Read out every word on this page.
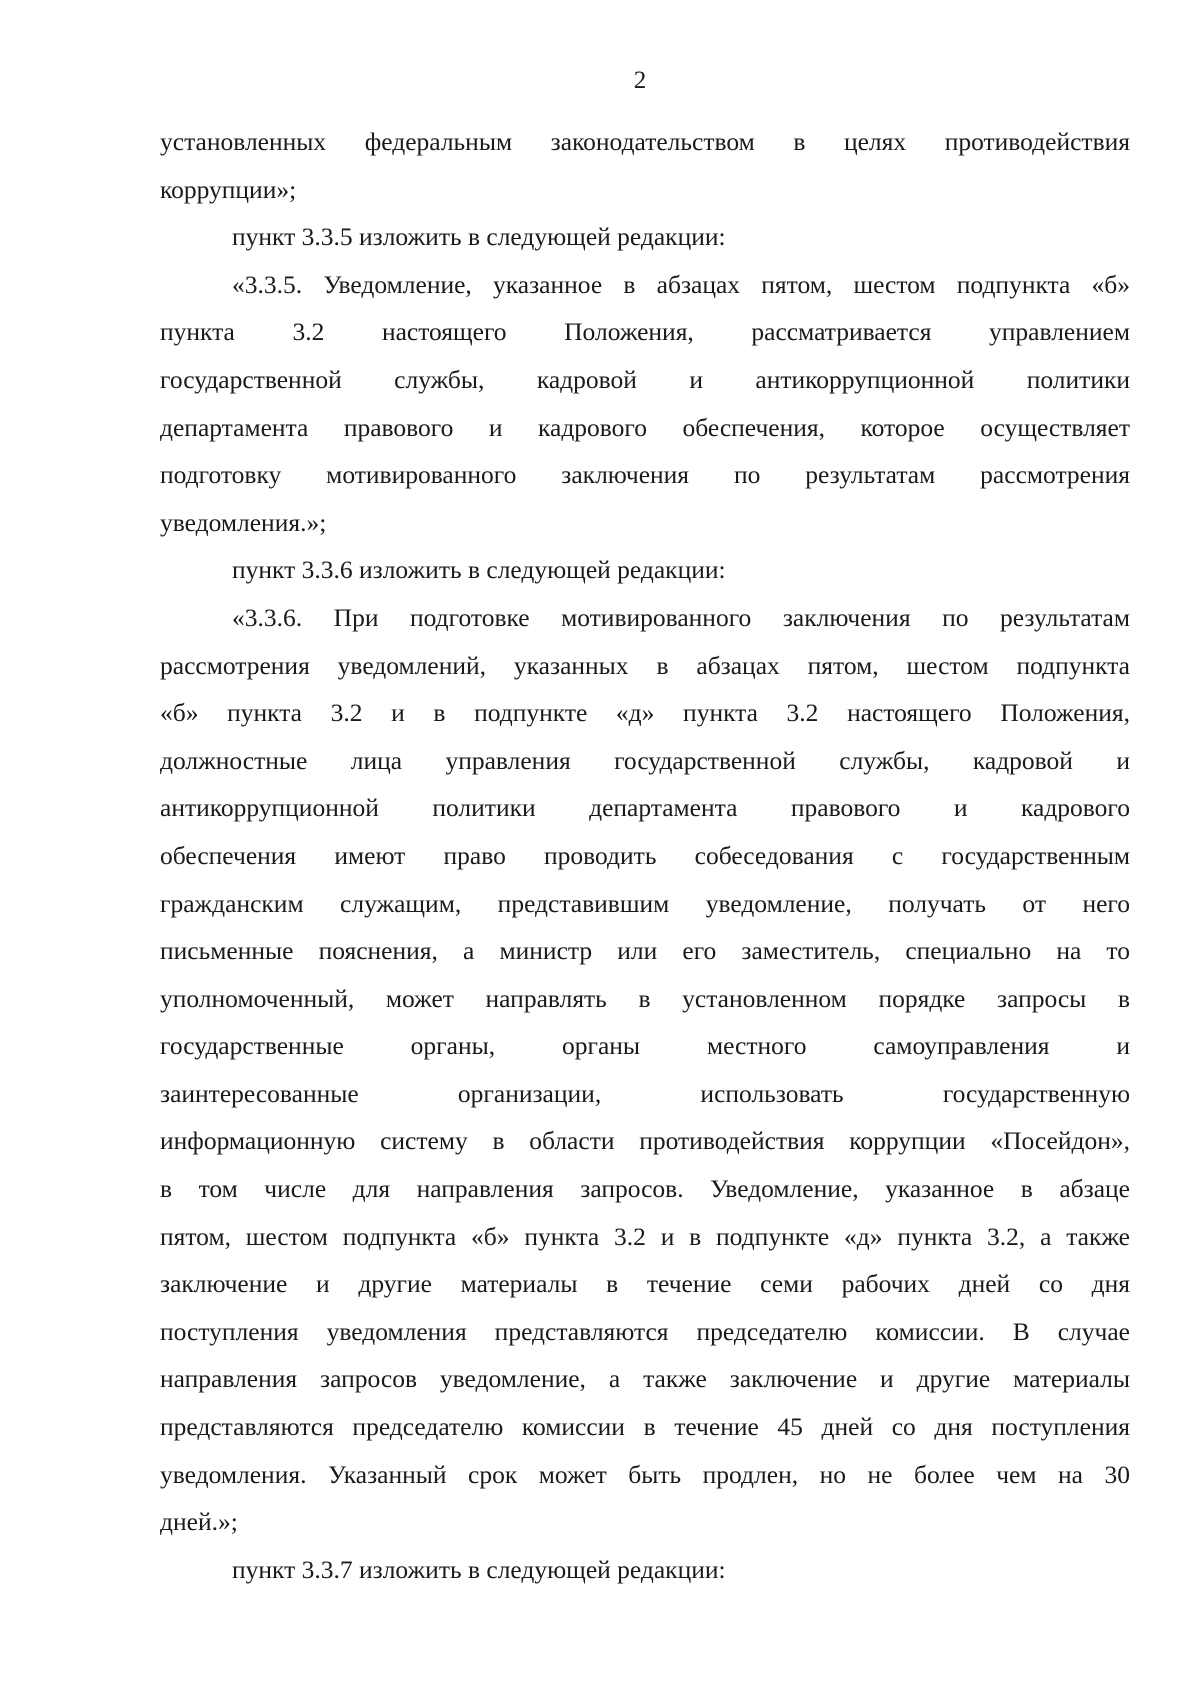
2
установленных федеральным законодательством в целях противодействия
коррупции»;
пункт 3.3.5 изложить в следующей редакции:
«3.3.5. Уведомление, указанное в абзацах пятом, шестом подпункта «б»
пункта 3.2 настоящего Положения, рассматривается управлением
государственной службы, кадровой и антикоррупционной политики
департамента правового и кадрового обеспечения, которое осуществляет
подготовку мотивированного заключения по результатам рассмотрения
уведомления.»;
пункт 3.3.6 изложить в следующей редакции:
«3.3.6. При подготовке мотивированного заключения по результатам
рассмотрения уведомлений, указанных в абзацах пятом, шестом подпункта
«б» пункта 3.2 и в подпункте «д» пункта 3.2 настоящего Положения,
должностные лица управления государственной службы, кадровой и
антикоррупционной политики департамента правового и кадрового
обеспечения имеют право проводить собеседования с государственным
гражданским служащим, представившим уведомление, получать от него
письменные пояснения, а министр или его заместитель, специально на то
уполномоченный, может направлять в установленном порядке запросы в
государственные органы, органы местного самоуправления и
заинтересованные организации, использовать государственную
информационную систему в области противодействия коррупции «Посейдон»,
в том числе для направления запросов. Уведомление, указанное в абзаце
пятом, шестом подпункта «б» пункта 3.2 и в подпункте «д» пункта 3.2, а также
заключение и другие материалы в течение семи рабочих дней со дня
поступления уведомления представляются председателю комиссии. В случае
направления запросов уведомление, а также заключение и другие материалы
представляются председателю комиссии в течение 45 дней со дня поступления
уведомления. Указанный срок может быть продлен, но не более чем на 30
дней.»;
пункт 3.3.7 изложить в следующей редакции:
